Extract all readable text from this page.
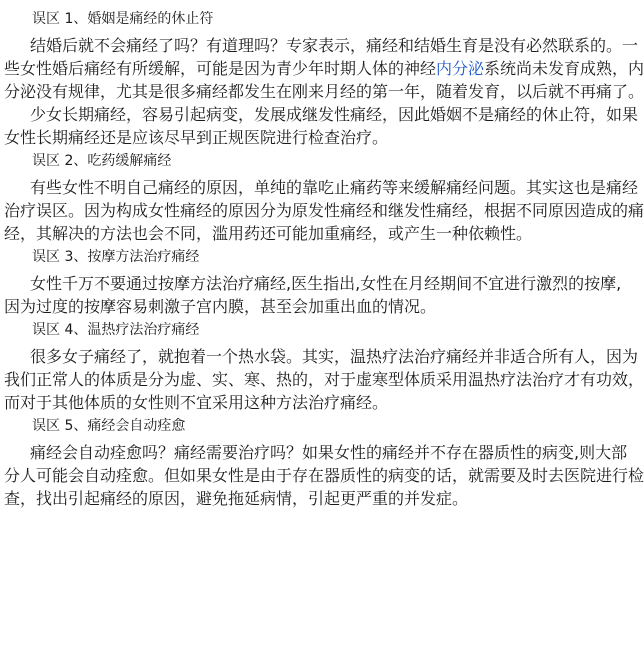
误区 1、婚姻是痛经的休止符
结婚后就不会痛经了吗？有道理吗？专家表示，痛经和结婚生育是没有必然联系的。一
些女性婚后痛经有所缓解，可能是因为青少年时期人体的神经内分泌系统尚未发育成熟，内
分泌没有规律，尤其是很多痛经都发生在刚来月经的第一年，随着发育，以后就不再痛了。
少女长期痛经，容易引起病变，发展成继发性痛经，因此婚姻不是痛经的休止符，如果
女性长期痛经还是应该尽早到正规医院进行检查治疗。
误区 2、吃药缓解痛经
有些女性不明自己痛经的原因，单纯的靠吃止痛药等来缓解痛经问题。其实这也是痛经
治疗误区。因为构成女性痛经的原因分为原发性痛经和继发性痛经，根据不同原因造成的痛
经，其解决的方法也会不同，滥用药还可能加重痛经，或产生一种依赖性。
误区 3、按摩方法治疗痛经
女性千万不要通过按摩方法治疗痛经,医生指出,女性在月经期间不宜进行激烈的按摩,
因为过度的按摩容易刺激子宫内膜，甚至会加重出血的情况。
误区 4、温热疗法治疗痛经
很多女子痛经了，就抱着一个热水袋。其实，温热疗法治疗痛经并非适合所有人，因为
我们正常人的体质是分为虚、实、寒、热的，对于虚寒型体质采用温热疗法治疗才有功效，
而对于其他体质的女性则不宜采用这种方法治疗痛经。
误区 5、痛经会自动痊愈
痛经会自动痊愈吗？痛经需要治疗吗？如果女性的痛经并不存在器质性的病变,则大部
分人可能会自动痊愈。但如果女性是由于存在器质性的病变的话，就需要及时去医院进行检
查，找出引起痛经的原因，避免拖延病情，引起更严重的并发症。
